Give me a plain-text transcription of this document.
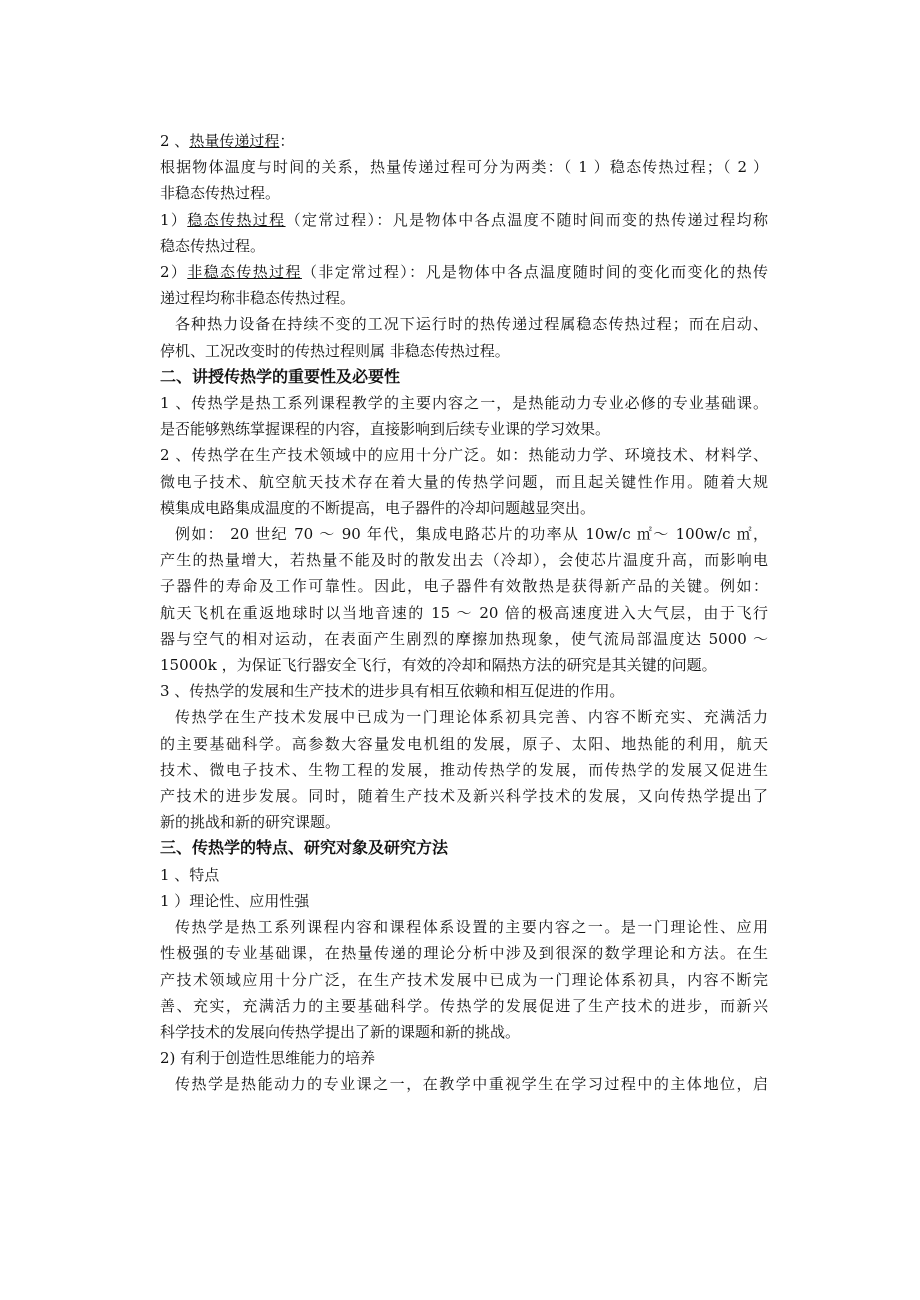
2 、热量传递过程：

根据物体温度与时间的关系，热量传递过程可分为两类：（ 1 ）稳态传热过程；（ 2 ）

非稳态传热过程。

1）稳态传热过程（定常过程）：凡是物体中各点温度不随时间而变的热传递过程均称

稳态传热过程。

2）非稳态传热过程（非定常过程）：凡是物体中各点温度随时间的变化而变化的热传

递过程均称非稳态传热过程。

各种热力设备在持续不变的工况下运行时的热传递过程属稳态传热过程；而在启动、

停机、工况改变时的传热过程则属 非稳态传热过程。

二、讲授传热学的重要性及必要性

1 、传热学是热工系列课程教学的主要内容之一，是热能动力专业必修的专业基础课。

是否能够熟练掌握课程的内容，直接影响到后续专业课的学习效果。

2 、传热学在生产技术领域中的应用十分广泛。如：热能动力学、环境技术、材料学、

微电子技术、航空航天技术存在着大量的传热学问题，而且起关键性作用。随着大规

模集成电路集成温度的不断提高，电子器件的冷却问题越显突出。

例如： 20 世纪 70 ～ 90 年代，集成电路芯片的功率从 10w/c ㎡～ 100w/c ㎡，

产生的热量增大，若热量不能及时的散发出去（冷却），会使芯片温度升高，而影响电

子器件的寿命及工作可靠性。因此，电子器件有效散热是获得新产品的关键。例如：

航天飞机在重返地球时以当地音速的 15 ～ 20 倍的极高速度进入大气层，由于飞行

器与空气的相对运动，在表面产生剧烈的摩擦加热现象，使气流局部温度达 5000 ～

15000k ，为保证飞行器安全飞行，有效的冷却和隔热方法的研究是其关键的问题。

3 、传热学的发展和生产技术的进步具有相互依赖和相互促进的作用。

传热学在生产技术发展中已成为一门理论体系初具完善、内容不断充实、充满活力

的主要基础科学。高参数大容量发电机组的发展，原子、太阳、地热能的利用，航天

技术、微电子技术、生物工程的发展，推动传热学的发展，而传热学的发展又促进生

产技术的进步发展。同时，随着生产技术及新兴科学技术的发展，又向传热学提出了

新的挑战和新的研究课题。

三、传热学的特点、研究对象及研究方法

1 、特点

1 ）理论性、应用性强

传热学是热工系列课程内容和课程体系设置的主要内容之一。是一门理论性、应用

性极强的专业基础课，在热量传递的理论分析中涉及到很深的数学理论和方法。在生

产技术领域应用十分广泛，在生产技术发展中已成为一门理论体系初具，内容不断完

善、充实，充满活力的主要基础科学。传热学的发展促进了生产技术的进步，而新兴

科学技术的发展向传热学提出了新的课题和新的挑战。

2) 有利于创造性思维能力的培养

传热学是热能动力的专业课之一，在教学中重视学生在学习过程中的主体地位，启
